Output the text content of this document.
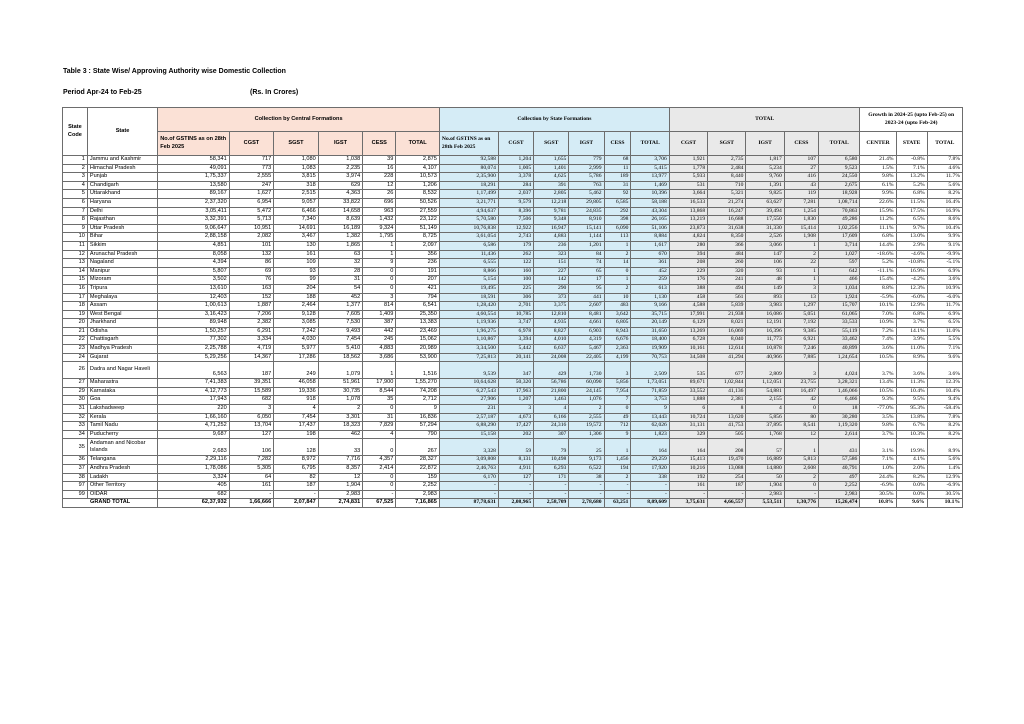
Table 3 : State Wise/ Approving Authority wise Domestic Collection
Period Apr-24 to Feb-25	(Rs. In Crores)
State Code	State	Collection by Central Formations						Collection by State Formations						TOTAL					Growth in 2024-25 (upto Feb-25) on 2023-24 (upto Feb-24)		
		No.of GSTINS as on 28th Feb 2025	CGST	SGST	IGST	CESS	TOTAL	No.of GSTINS as on 28th Feb 2025	CGST	SGST	IGST	CESS	TOTAL	CGST	SGST	IGST	CESS	TOTAL	CENTER	STATE	TOTAL
1	Jammu and Kashmir	58,341	717	1,080	1,038	39	2,875	92,588	1,204	1,655	779	68	3,706	1,921	2,735	1,817	107	6,580	21.4%	-0.8%	7.8%
2	Himachal Pradesh	49,091	773	1,083	2,235	16	4,107	80,074	1,005	1,401	2,999	11	5,415	1,778	2,484	5,234	27	9,523	1.5%	7.1%	4.6%
3	Punjab	1,75,337	2,555	3,815	3,974	228	10,573	2,35,900	3,378	4,625	5,786	189	13,977	5,933	8,440	9,760	416	24,550	9.8%	13.2%	11.7%
4	Chandigarh	13,580	247	318	629	12	1,206	18,291	284	391	763	31	1,469	531	710	1,391	43	2,675	6.1%	5.2%	5.6%
5	Uttarakhand	89,167	1,627	2,515	4,363	26	8,532	1,17,499	2,037	2,805	5,462	92	10,396	3,664	5,321	9,825	119	18,928	9.9%	6.8%	8.2%
6	Haryana	2,37,320	6,954	9,057	33,822	696	50,526	3,21,771	9,579	12,218	29,805	6,585	58,188	16,533	21,274	63,627	7,281	1,08,714	22.6%	11.5%	16.4%
7	Delhi	3,05,411	5,472	6,466	14,658	963	27,559	4,94,637	8,396	9,781	24,835	292	43,304	13,868	16,247	39,494	1,254	70,863	15.9%	17.5%	16.9%
8	Rajasthan	3,32,391	5,713	7,340	8,639	1,432	23,122	5,70,580	7,506	9,348	8,910	398	26,165	13,219	16,688	17,550	1,830	49,286	11.2%	6.5%	8.6%
9	Uttar Pradesh	9,06,647	10,951	14,691	16,189	9,324	51,149	10,76,838	12,922	16,947	15,141	6,090	51,106	23,873	31,638	31,330	15,414	1,02,256	11.1%	9.7%	10.4%
10	Bihar	2,88,158	2,082	3,467	1,382	1,795	8,725	3,61,054	2,743	4,883	1,144	113	8,884	4,824	8,350	2,526	1,908	17,609	6.8%	13.0%	9.9%
11	Sikkim	4,851	101	130	1,865	1	2,097	6,586	179	236	1,201	1	1,617	280	366	3,066	1	3,714	14.4%	2.9%	9.1%
12	Arunachal Pradesh	8,058	132	161	63	1	356	11,436	262	323	84	2	670	394	484	147	2	1,027	-18.6%	-4.6%	-9.9%
13	Nagaland	4,394	86	109	32	9	236	6,555	122	151	74	14	361	208	260	106	22	597	5.2%	-10.8%	-5.1%
14	Manipur	5,807	69	93	28	0	191	8,866	160	227	65	0	452	229	320	93	1	642	-11.1%	16.9%	6.9%
15	Mizoram	3,502	76	99	31	0	207	5,154	100	142	17	1	259	176	241	48	1	466	15.4%	-4.2%	3.6%
16	Tripura	13,610	163	204	54	0	421	19,495	225	290	95	2	613	388	494	149	3	1,034	8.8%	12.3%	10.9%
17	Meghalaya	12,403	152	188	452	3	794	18,591	306	373	441	10	1,130	458	561	893	13	1,924	-5.9%	-6.0%	-6.0%
18	Assam	1,00,613	1,887	2,464	1,377	814	6,541	1,28,420	2,701	3,375	2,607	483	9,166	4,588	5,839	3,983	1,297	15,707	10.1%	12.9%	11.7%
19	West Bengal	3,16,423	7,206	9,128	7,605	1,409	25,350	4,60,554	10,785	12,810	8,481	3,642	35,715	17,991	21,938	16,086	5,051	61,065	7.0%	6.8%	6.9%
20	Jharkhand	89,948	2,382	3,085	7,530	387	13,383	1,19,936	3,747	4,935	4,661	6,805	20,149	6,129	8,021	12,191	7,192	33,533	10.9%	3.7%	6.5%
21	Odisha	1,50,257	6,291	7,242	9,493	442	23,469	1,96,275	6,978	8,827	6,903	8,943	31,650	13,269	16,069	16,396	9,385	55,119	7.2%	14.1%	11.0%
22	Chattisgarh	77,302	3,334	4,030	7,454	245	15,062	1,10,867	3,394	4,010	4,319	6,676	18,400	6,728	8,040	11,773	6,921	33,462	7.4%	3.9%	5.5%
23	Madhya Pradesh	2,25,788	4,719	5,977	5,410	4,883	20,989	3,34,500	5,442	6,637	5,467	2,363	19,909	10,161	12,614	10,878	7,246	40,899	3.6%	11.0%	7.1%
24	Gujarat	5,29,256	14,367	17,286	18,562	3,686	53,900	7,25,813	20,141	24,008	22,405	4,199	70,753	34,508	41,294	40,966	7,885	1,24,654	10.5%	8.9%	9.6%
26	Dadra and Nagar Haveli	6,563	187	249	1,079	1	1,516	9,539	347	429	1,730	3	2,509	535	677	2,809	3	4,024	3.7%	3.6%	3.6%
27	Maharastra	7,41,383	39,351	46,058	51,961	17,900	1,55,270	10,64,628	50,320	56,786	60,090	5,856	1,73,051	89,671	1,02,844	1,12,051	23,755	3,28,321	13.4%	11.3%	12.3%
29	Karnataka	4,12,773	15,589	19,336	30,735	8,544	74,208	6,27,543	17,963	21,800	24,145	7,954	71,859	33,552	41,136	54,881	16,497	1,46,066	10.5%	10.4%	10.4%
30	Goa	17,943	682	918	1,078	35	2,712	27,906	1,207	1,463	1,076	7	3,753	1,888	2,381	2,155	42	6,466	9.3%	9.5%	9.4%
31	Lakshadweep	220	3	4	2	0	9	231	3	4	2	0	9	6	8	4	0	18	-77.0%	95.3%	-58.4%
32	Kerala	1,66,160	6,050	7,454	3,301	31	16,836	2,57,187	4,673	6,166	2,555	49	13,443	10,724	13,620	5,856	80	30,280	3.5%	13.8%	7.8%
33	Tamil Nadu	4,71,252	13,704	17,437	18,323	7,829	57,294	6,88,290	17,427	24,316	19,572	712	62,026	31,131	41,753	37,895	8,541	1,19,320	9.8%	6.7%	8.2%
34	Puducherry	9,687	127	198	462	4	790	15,158	202	307	1,306	9	1,823	329	505	1,768	12	2,614	3.7%	10.3%	8.2%
35	Andaman and Nicobar Islands	2,683	106	128	33	0	267	3,328	59	79	25	1	164	164	208	57	1	431	3.1%	19.9%	8.9%
36	Telangana	2,29,116	7,282	8,972	7,716	4,357	28,327	3,09,808	8,131	10,498	9,173	1,456	29,259	15,413	19,470	16,889	5,813	57,586	7.1%	4.1%	5.6%
37	Andhra Pradesh	1,78,086	5,305	6,795	8,357	2,414	22,872	2,46,763	4,911	6,293	6,522	194	17,920	10,216	13,088	14,880	2,608	40,791	1.0%	2.0%	1.4%
38	Ladakh	3,324	64	82	12	0	159	6,170	127	171	38	2	338	192	254	50	2	497	24.4%	8.2%	12.9%
97	Other Territory	405	161	187	1,904	0	2,252	-	-	-	-	-	-	161	187	1,904	0	2,252	-6.9%	0.0%	-6.9%
99	OIDAR	682	-	-	2,983	-	2,983	-	-	-	-	-	-	-	-	2,983	-	2,983	30.5%	0.0%	30.5%
GRAND TOTAL		62,37,932	1,66,666	2,07,847	2,74,831	67,525	7,16,865	87,78,631	2,08,965	2,58,709	2,78,680	63,251	8,09,609	3,75,631	4,66,557	5,53,511	1,30,776	15,26,474	10.8%	9.6%	10.1%
